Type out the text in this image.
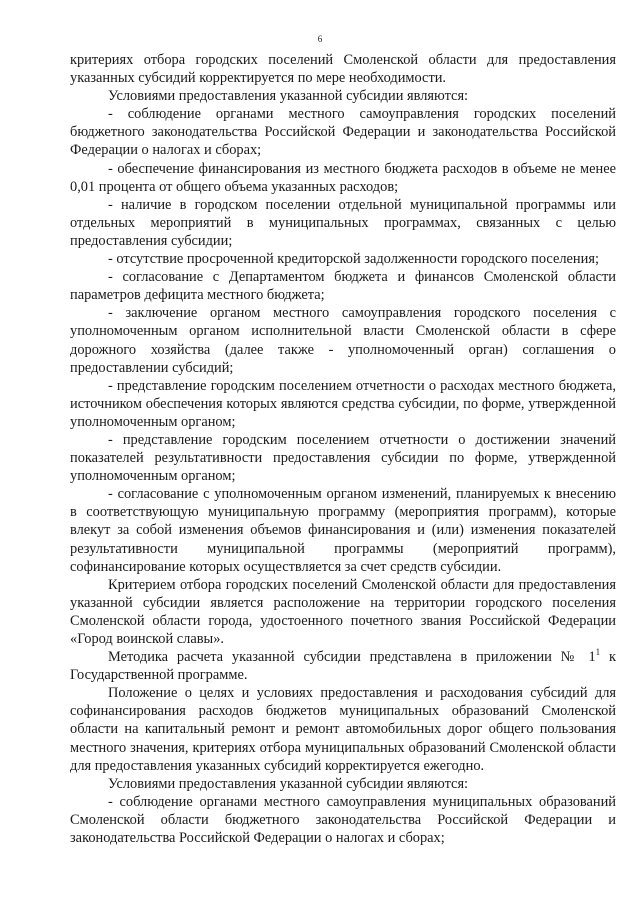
6

критериях отбора городских поселений Смоленской области для предоставления указанных субсидий корректируется по мере необходимости.

Условиями предоставления указанной субсидии являются:

- соблюдение органами местного самоуправления городских поселений бюджетного законодательства Российской Федерации и законодательства Российской Федерации о налогах и сборах;

- обеспечение финансирования из местного бюджета расходов в объеме не менее 0,01 процента от общего объема указанных расходов;

- наличие в городском поселении отдельной муниципальной программы или отдельных мероприятий в муниципальных программах, связанных с целью предоставления субсидии;

- отсутствие просроченной кредиторской задолженности городского поселения;

- согласование с Департаментом бюджета и финансов Смоленской области параметров дефицита местного бюджета;

- заключение органом местного самоуправления городского поселения с уполномоченным органом исполнительной власти Смоленской области в сфере дорожного хозяйства (далее также - уполномоченный орган) соглашения о предоставлении субсидий;

- представление городским поселением отчетности о расходах местного бюджета, источником обеспечения которых являются средства субсидии, по форме, утвержденной уполномоченным органом;

- представление городским поселением отчетности о достижении значений показателей результативности предоставления субсидии по форме, утвержденной уполномоченным органом;

- согласование с уполномоченным органом изменений, планируемых к внесению в соответствующую муниципальную программу (мероприятия программ), которые влекут за собой изменения объемов финансирования и (или) изменения показателей результативности муниципальной программы (мероприятий программ), софинансирование которых осуществляется за счет средств субсидии.

Критерием отбора городских поселений Смоленской области для предоставления указанной субсидии является расположение на территории городского поселения Смоленской области города, удостоенного почетного звания Российской Федерации «Город воинской славы».

Методика расчета указанной субсидии представлена в приложении № 1$^1$ к Государственной программе.

Положение о целях и условиях предоставления и расходования субсидий для софинансирования расходов бюджетов муниципальных образований Смоленской области на капитальный ремонт и ремонт автомобильных дорог общего пользования местного значения, критериях отбора муниципальных образований Смоленской области для предоставления указанных субсидий корректируется ежегодно.

Условиями предоставления указанной субсидии являются:

- соблюдение органами местного самоуправления муниципальных образований Смоленской области бюджетного законодательства Российской Федерации и законодательства Российской Федерации о налогах и сборах;
